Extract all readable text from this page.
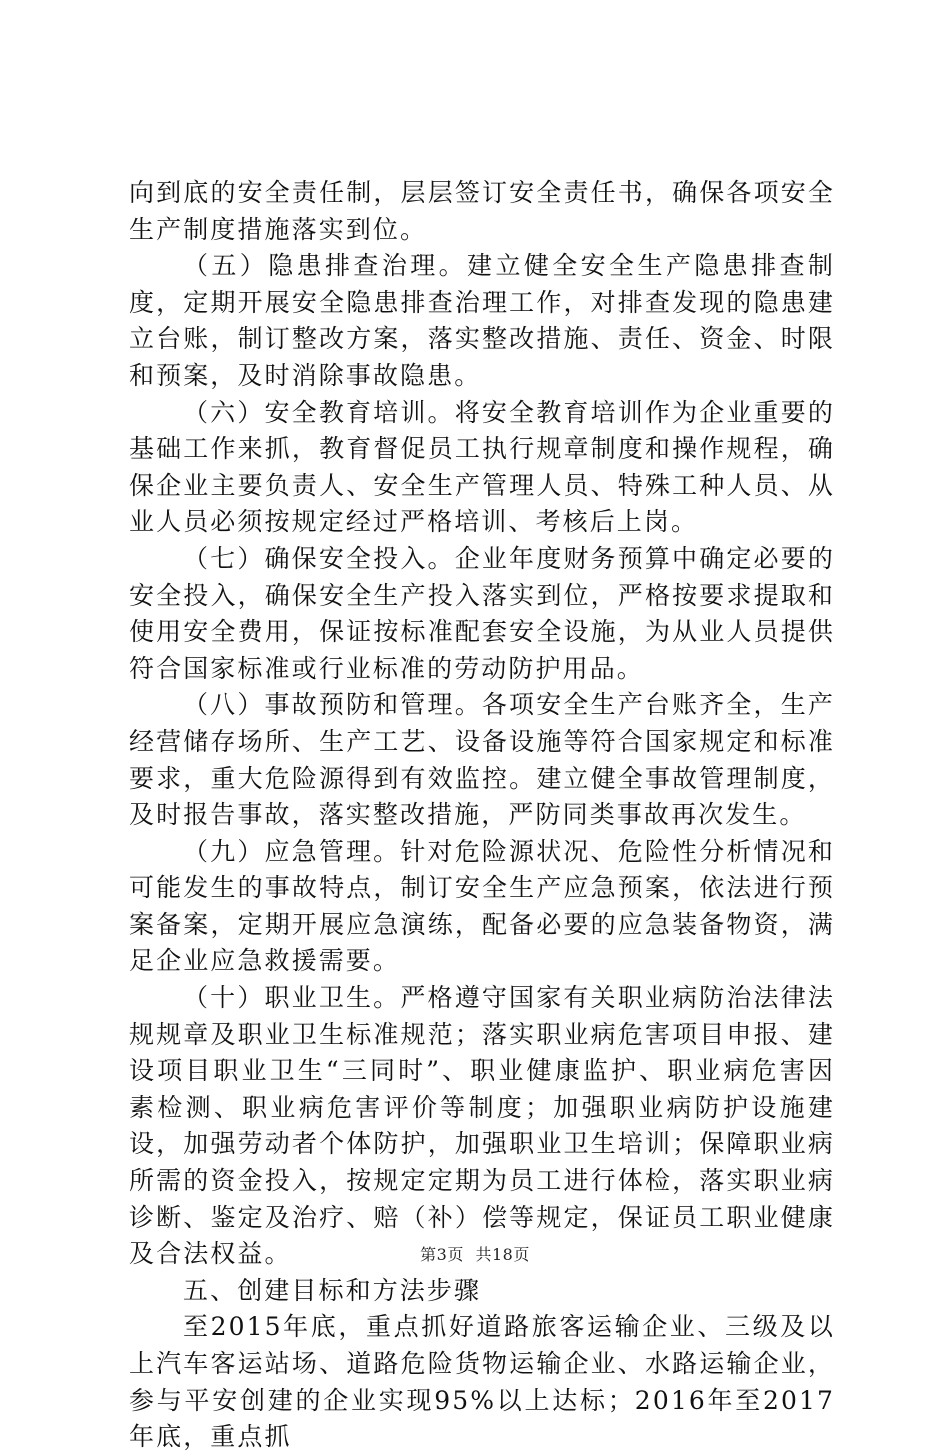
向到底的安全责任制，层层签订安全责任书，确保各项安全生产制度措施落实到位。

（五）隐患排查治理。建立健全安全生产隐患排查制度，定期开展安全隐患排查治理工作，对排查发现的隐患建立台账，制订整改方案，落实整改措施、责任、资金、时限和预案，及时消除事故隐患。

（六）安全教育培训。将安全教育培训作为企业重要的基础工作来抓，教育督促员工执行规章制度和操作规程，确保企业主要负责人、安全生产管理人员、特殊工种人员、从业人员必须按规定经过严格培训、考核后上岗。

（七）确保安全投入。企业年度财务预算中确定必要的安全投入，确保安全生产投入落实到位，严格按要求提取和使用安全费用，保证按标准配套安全设施，为从业人员提供符合国家标准或行业标准的劳动防护用品。

（八）事故预防和管理。各项安全生产台账齐全，生产经营储存场所、生产工艺、设备设施等符合国家规定和标准要求，重大危险源得到有效监控。建立健全事故管理制度，及时报告事故，落实整改措施，严防同类事故再次发生。

（九）应急管理。针对危险源状况、危险性分析情况和可能发生的事故特点，制订安全生产应急预案，依法进行预案备案，定期开展应急演练，配备必要的应急装备物资，满足企业应急救援需要。

（十）职业卫生。严格遵守国家有关职业病防治法律法规规章及职业卫生标准规范；落实职业病危害项目申报、建设项目职业卫生“三同时”、职业健康监护、职业病危害因素检测、职业病危害评价等制度；加强职业病防护设施建设，加强劳动者个体防护，加强职业卫生培训；保障职业病所需的资金投入，按规定定期为员工进行体检，落实职业病诊断、鉴定及治疗、赔（补）偿等规定，保证员工职业健康及合法权益。

五、创建目标和方法步骤

至2015年底，重点抓好道路旅客运输企业、三级及以上汽车客运站场、道路危险货物运输企业、水路运输企业，参与平安创建的企业实现95%以上达标；2016年至2017年底，重点抓

第3页 共18页
